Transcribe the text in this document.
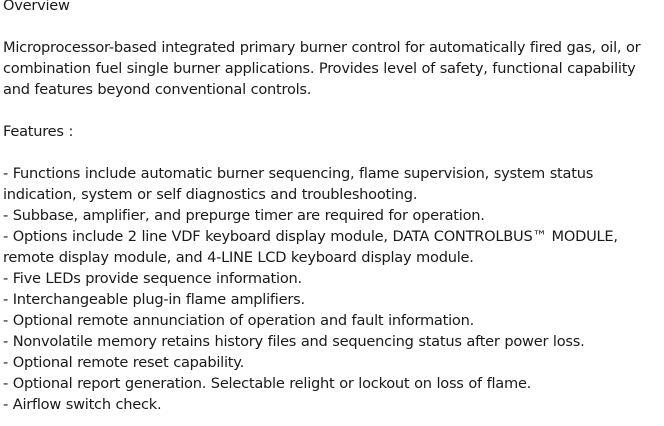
Overview

Microprocessor-based integrated primary burner control for automatically fired gas, oil, or combination fuel single burner applications. Provides level of safety, functional capability and features beyond conventional controls.

Features :

- Functions include automatic burner sequencing, flame supervision, system status indication, system or self diagnostics and troubleshooting.
- Subbase, amplifier, and prepurge timer are required for operation.
- Options include 2 line VDF keyboard display module, DATA CONTROLBUS™ MODULE, remote display module, and 4-LINE LCD keyboard display module.
- Five LEDs provide sequence information.
- Interchangeable plug-in flame amplifiers.
- Optional remote annunciation of operation and fault information.
- Nonvolatile memory retains history files and sequencing status after power loss.
- Optional remote reset capability.
- Optional report generation. Selectable relight or lockout on loss of flame.
- Airflow switch check.
